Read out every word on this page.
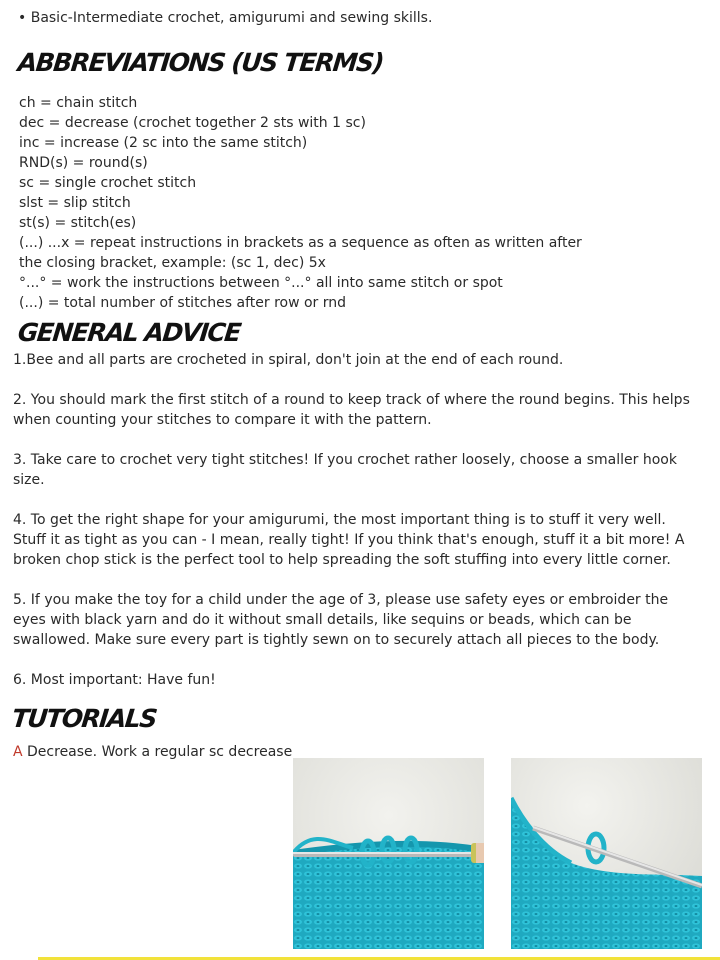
• Basic-Intermediate crochet, amigurumi and sewing skills.
ABBREVIATIONS (US TERMS)
ch = chain stitch
dec = decrease (crochet together 2 sts with 1 sc)
inc = increase (2 sc into the same stitch)
RND(s) = round(s)
sc = single crochet stitch
slst = slip stitch
st(s) = stitch(es)
(...) ...x = repeat instructions in brackets as a sequence as often as written after
the closing bracket, example: (sc 1, dec) 5x
°...° = work the instructions between °...° all into same stitch or spot
(...) = total number of stitches after row or rnd
GENERAL ADVICE

1.Bee and all parts are crocheted in spiral, don't join at the end of each round.

2. You should mark the first stitch of a round to keep track of where the round begins. This helps when counting your stitches to compare it with the pattern.

3. Take care to crochet very tight stitches! If you crochet rather loosely, choose a smaller hook size.

4. To get the right shape for your amigurumi, the most important thing is to stuff it very well. Stuff it as tight as you can - I mean, really tight! If you think that's enough, stuff it a bit more! A broken chop stick is the perfect tool to help spreading the soft stuffing into every little corner.

5. If you make the toy for a child under the age of 3, please use safety eyes or embroider the eyes with black yarn and do it without small details, like sequins or beads, which can be swallowed. Make sure every part is tightly sewn on to securely attach all pieces to the body.

6. Most important: Have fun!

TUTORIALS
A Decrease. Work a regular sc decrease
